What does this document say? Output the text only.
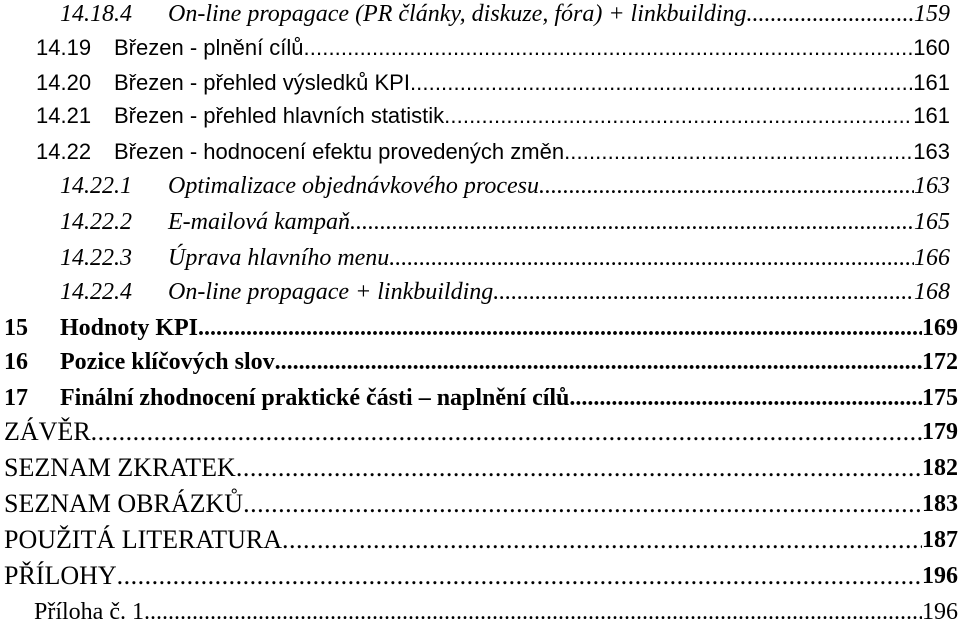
14.18.4	On-line propagace (PR články, diskuze, fóra) + linkbuilding . . .	159
14.19	Březen - plnění cílů . . .	160
14.20	Březen - přehled výsledků KPI . . .	161
14.21	Březen - přehled hlavních statistik . . .	161
14.22	Březen - hodnocení efektu provedených změn . . .	163
14.22.1	Optimalizace objednávkového procesu . . .	163
14.22.2	E-mailová kampaň . . .	165
14.22.3	Úprava hlavního menu . . .	166
14.22.4	On-line propagace + linkbuilding . . .	168
15	Hodnoty KPI . . .	169
16	Pozice klíčových slov . . .	172
17	Finální zhodnocení praktické části – naplnění cílů . . .	175
ZÁVĚR . . .	179
SEZNAM ZKRATEK . . .	182
SEZNAM OBRÁZKŮ . . .	183
POUŽITÁ LITERATURA . . .	187
PŘÍLOHY . . .	196
Příloha č. 1 . . .	196
